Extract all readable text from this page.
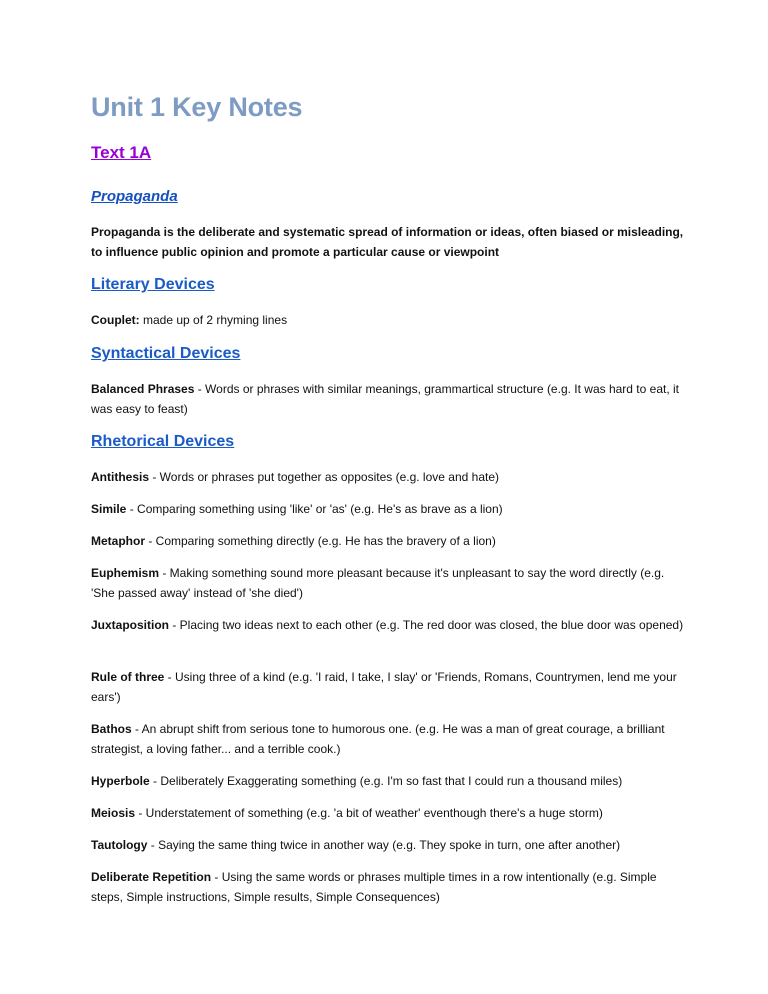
Unit 1 Key Notes
Text 1A
Propaganda
Propaganda is the deliberate and systematic spread of information or ideas, often biased or misleading, to influence public opinion and promote a particular cause or viewpoint
Literary Devices
Couplet: made up of 2 rhyming lines
Syntactical Devices
Balanced Phrases - Words or phrases with similar meanings, grammartical structure (e.g. It was hard to eat, it was easy to feast)
Rhetorical Devices
Antithesis - Words or phrases put together as opposites (e.g. love and hate)
Simile - Comparing something using 'like' or 'as' (e.g. He's as brave as a lion)
Metaphor - Comparing something directly (e.g. He has the bravery of a lion)
Euphemism - Making something sound more pleasant because it's unpleasant to say the word directly (e.g. 'She passed away' instead of 'she died')
Juxtaposition - Placing two ideas next to each other (e.g. The red door was closed, the blue door was opened)
Rule of three - Using three of a kind (e.g. 'I raid, I take, I slay' or 'Friends, Romans, Countrymen, lend me your ears')
Bathos - An abrupt shift from serious tone to humorous one. (e.g. He was a man of great courage, a brilliant strategist, a loving father... and a terrible cook.)
Hyperbole - Deliberately Exaggerating something (e.g. I'm so fast that I could run a thousand miles)
Meiosis - Understatement of something (e.g. 'a bit of weather' eventhough there's a huge storm)
Tautology - Saying the same thing twice in another way (e.g. They spoke in turn, one after another)
Deliberate Repetition - Using the same words or phrases multiple times in a row intentionally (e.g. Simple steps, Simple instructions, Simple results, Simple Consequences)
